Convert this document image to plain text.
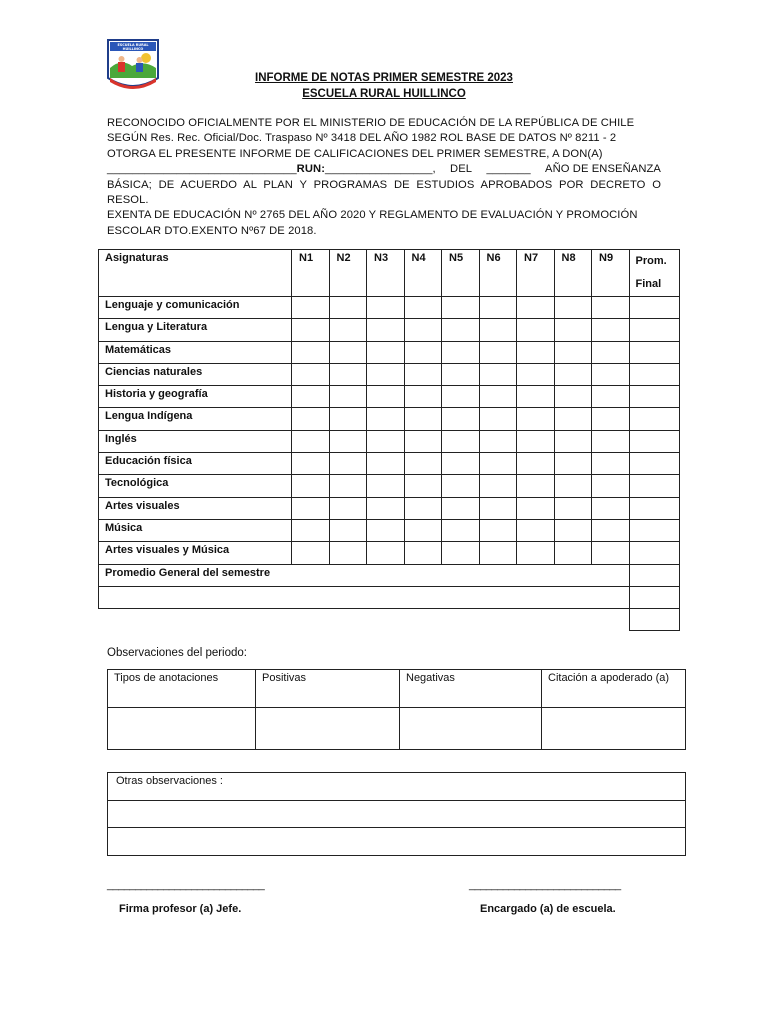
ESCUELA RURAL
HUILLINCO
INFORME DE NOTAS PRIMER SEMESTRE 2023
ESCUELA RURAL HUILLINCO
RECONOCIDO OFICIALMENTE POR EL MINISTERIO DE EDUCACIÓN DE LA REPÚBLICA DE CHILE
SEGÚN Res. Rec. Oficial/Doc. Traspaso Nº 3418 DEL AÑO 1982 ROL BASE DE DATOS Nº 8211 - 2
OTORGA EL PRESENTE INFORME DE CALIFICACIONES DEL PRIMER SEMESTRE, A DON(A)
______________________________RUN:_________________, DEL _______ AÑO DE ENSEÑANZA
BÁSICA; DE ACUERDO AL PLAN Y PROGRAMAS DE ESTUDIOS APROBADOS POR DECRETO O RESOL.
EXENTA DE EDUCACIÓN Nº 2765 DEL AÑO 2020 Y REGLAMENTO DE EVALUACIÓN Y PROMOCIÓN
ESCOLAR DTO.EXENTO Nº67 DE 2018.
Asignaturas	N1	N2	N3	N4	N5	N6	N7	N8	N9	Prom.
Final

Lenguaje y comunicación										
Lengua y Literatura										
Matemáticas										
Ciencias naturales										
Historia y geografía										
Lengua Indígena										
Inglés										
Educación física										
Tecnológica										
Artes visuales										
Música										
Artes visuales y Música										
Promedio General del semestre										

Observaciones del periodo:
Tipos de anotaciones	Positivas	Negativas	Citación a apoderado (a)

Otras observaciones :

____________________________	___________________________
Firma profesor (a) Jefe.	Encargado (a) de escuela.
